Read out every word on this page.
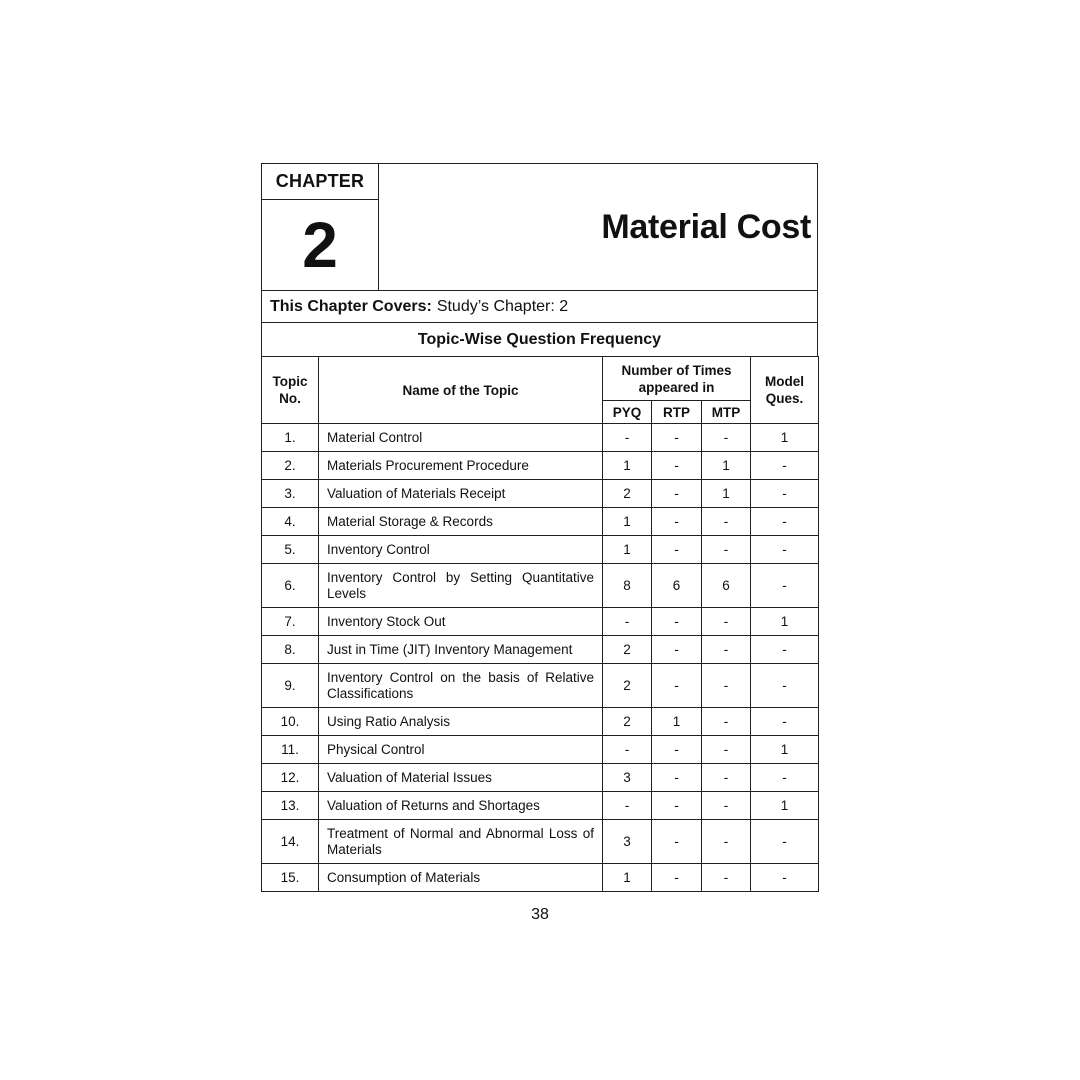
CHAPTER
2	Material Cost
This Chapter Covers: Study’s Chapter: 2
Topic-Wise Question Frequency
Topic No.	Name of the Topic	Number of Times appeared in			Model Ques.
		PYQ	RTP	MTP	
1.	Material Control	-	-	-	1
2.	Materials Procurement Procedure	1	-	1	-
3.	Valuation of Materials Receipt	2	-	1	-
4.	Material Storage & Records	1	-	-	-
5.	Inventory Control	1	-	-	-
6.	Inventory Control by Setting Quantitative Levels	8	6	6	-
7.	Inventory Stock Out	-	-	-	1
8.	Just in Time (JIT) Inventory Management	2	-	-	-
9.	Inventory Control on the basis of Relative Classifications	2	-	-	-
10.	Using Ratio Analysis	2	1	-	-
11.	Physical Control	-	-	-	1
12.	Valuation of Material Issues	3	-	-	-
13.	Valuation of Returns and Shortages	-	-	-	1
14.	Treatment of Normal and Abnormal Loss of Materials	3	-	-	-
15.	Consumption of Materials	1	-	-	-
38
